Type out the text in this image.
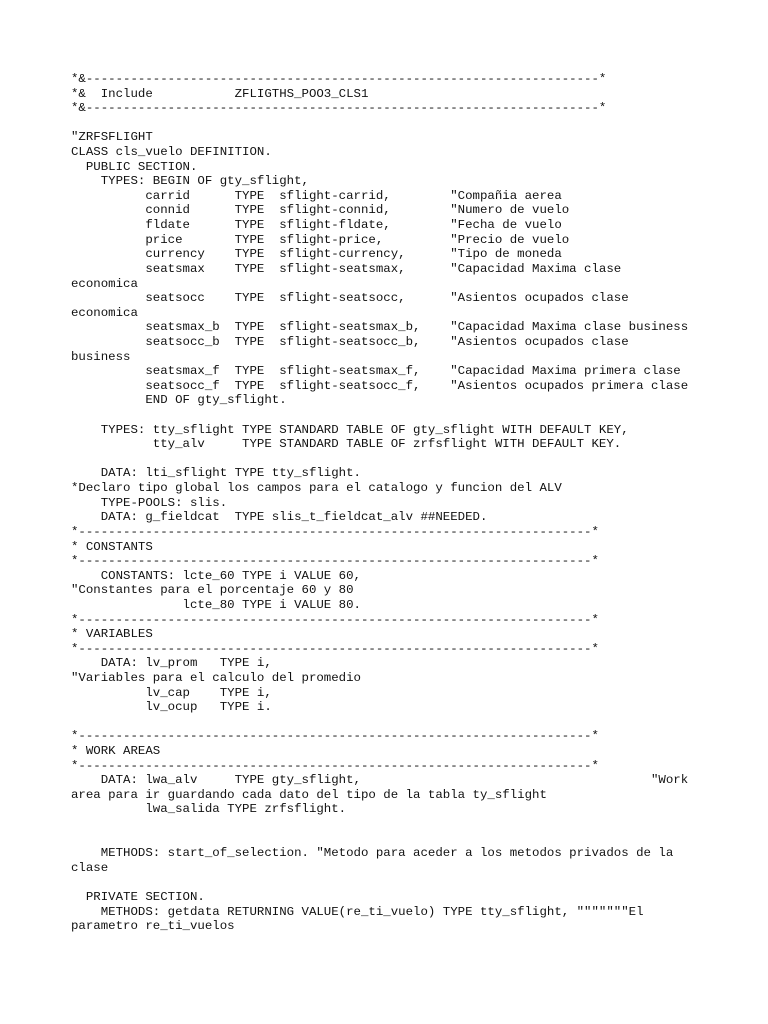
*&---------------------------------------------------------------------*
*&  Include           ZFLIGTHS_POO3_CLS1
*&---------------------------------------------------------------------*
"ZRFSFLIGHT
CLASS cls_vuelo DEFINITION.
PUBLIC SECTION.
TYPES: BEGIN OF gty_sflight,
carrid      TYPE  sflight-carrid,        "Compañia aerea
connid      TYPE  sflight-connid,        "Numero de vuelo
fldate      TYPE  sflight-fldate,        "Fecha de vuelo
price       TYPE  sflight-price,         "Precio de vuelo
currency    TYPE  sflight-currency,      "Tipo de moneda
seatsmax    TYPE  sflight-seatsmax,      "Capacidad Maxima clase
economica
seatsocc    TYPE  sflight-seatsocc,      "Asientos ocupados clase
economica
seatsmax_b  TYPE  sflight-seatsmax_b,    "Capacidad Maxima clase business
seatsocc_b  TYPE  sflight-seatsocc_b,    "Asientos ocupados clase
business
seatsmax_f  TYPE  sflight-seatsmax_f,    "Capacidad Maxima primera clase
seatsocc_f  TYPE  sflight-seatsocc_f,    "Asientos ocupados primera clase
END OF gty_sflight.
TYPES: tty_sflight TYPE STANDARD TABLE OF gty_sflight WITH DEFAULT KEY,
tty_alv     TYPE STANDARD TABLE OF zrfsflight WITH DEFAULT KEY.
DATA: lti_sflight TYPE tty_sflight.
*Declaro tipo global los campos para el catalogo y funcion del ALV
TYPE-POOLS: slis.
DATA: g_fieldcat  TYPE slis_t_fieldcat_alv ##NEEDED.
*---------------------------------------------------------------------*
* CONSTANTS
*---------------------------------------------------------------------*
CONSTANTS: lcte_60 TYPE i VALUE 60,
"Constantes para el porcentaje 60 y 80
lcte_80 TYPE i VALUE 80.
*---------------------------------------------------------------------*
* VARIABLES
*---------------------------------------------------------------------*
DATA: lv_prom   TYPE i,
"Variables para el calculo del promedio
lv_cap    TYPE i,
lv_ocup   TYPE i.
*---------------------------------------------------------------------*
* WORK AREAS
*---------------------------------------------------------------------*
DATA: lwa_alv     TYPE gty_sflight,                                       "Work
area para ir guardando cada dato del tipo de la tabla ty_sflight
lwa_salida TYPE zrfsflight.
METHODS: start_of_selection. "Metodo para aceder a los metodos privados de la
clase
PRIVATE SECTION.
METHODS: getdata RETURNING VALUE(re_ti_vuelo) TYPE tty_sflight, """""""El
parametro re_ti_vuelos
